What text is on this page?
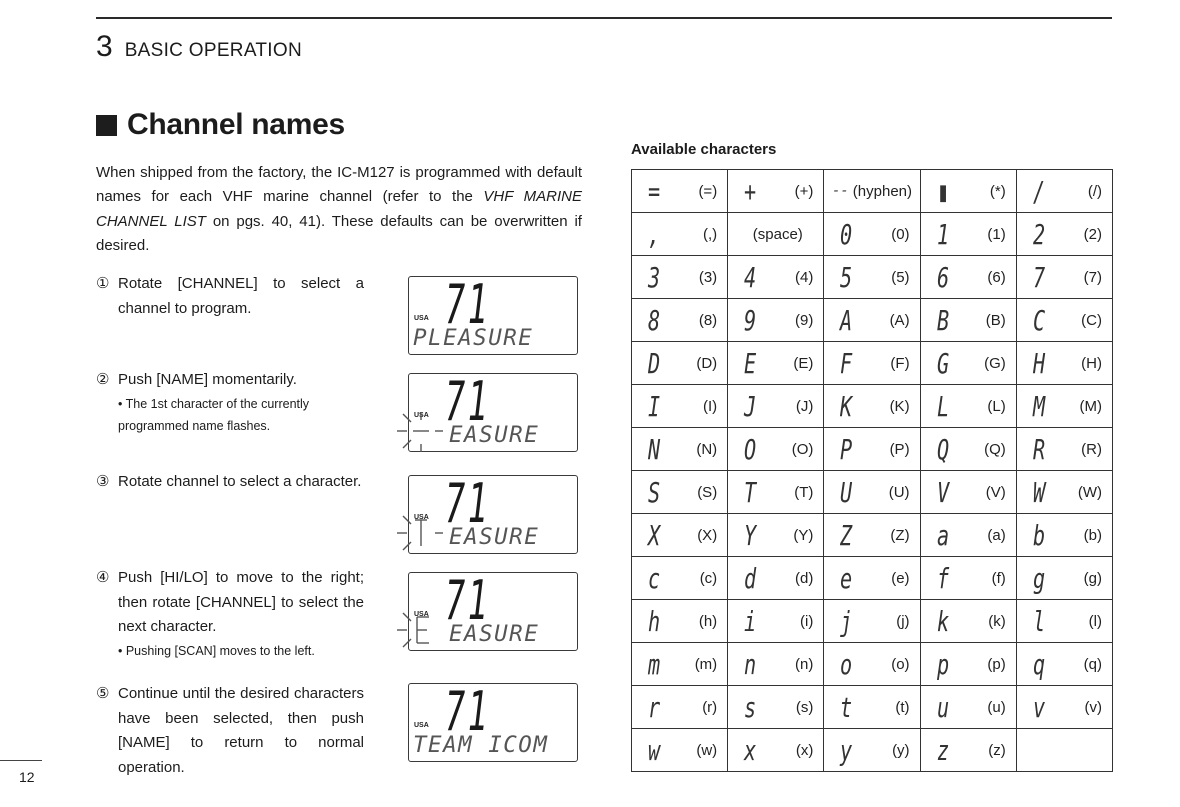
3 BASIC OPERATION
Channel names

When shipped from the factory, the IC-M127 is programmed with default names for each VHF marine channel (refer to the VHF MARINE CHANNEL LIST on pgs. 40, 41). These defaults can be overwritten if desired.

① Rotate [CHANNEL] to select a channel to program.
② Push [NAME] momentarily.
• The 1st character of the currently programmed name flashes.
③ Rotate channel to select a character.
④ Push [HI/LO] to move to the right; then rotate [CHANNEL] to select the next character.
• Pushing [SCAN] moves to the left.
⑤ Continue until the desired characters have been selected, then push [NAME] to return to normal operation.
USA 71
PLEASURE
USA 71
EASURE
USA 71
EASURE
USA 71
EASURE
USA 71
TEAM ICOM
Available characters
= (=)	+ (+)	-- (hyphen)	▮ (*)	/ (/)

, (,)	(space)	0 (0)	1 (1)	2 (2)

3 (3)	4 (4)	5 (5)	6 (6)	7 (7)

8 (8)	9 (9)	A (A)	B (B)	C (C)

D (D)	E (E)	F (F)	G (G)	H (H)

I (I)	J (J)	K (K)	L (L)	M (M)

N (N)	O (O)	P (P)	Q (Q)	R (R)

S (S)	T (T)	U (U)	V (V)	W (W)

X (X)	Y (Y)	Z (Z)	a (a)	b (b)

c (c)	d (d)	e (e)	f (f)	g (g)

h (h)	i (i)	j (j)	k (k)	l (l)

m (m)	n (n)	o (o)	p (p)	q (q)

r (r)	s (s)	t (t)	u (u)	v (v)

w (w)	x (x)	y (y)	z (z)	

12
